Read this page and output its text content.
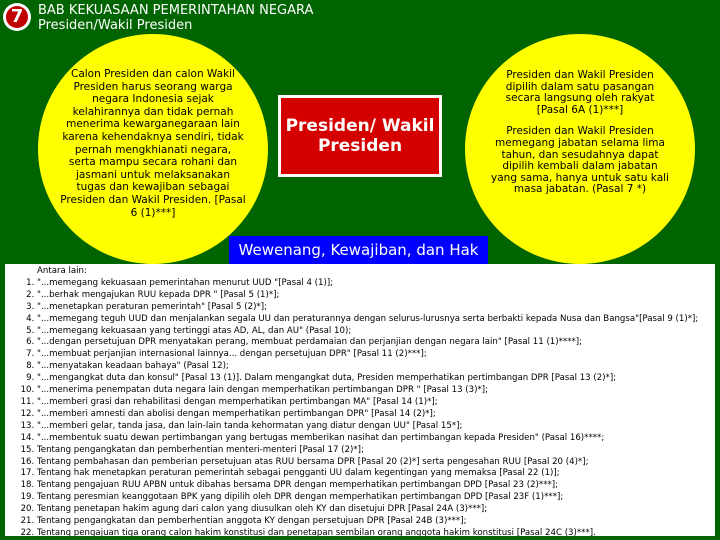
7	BAB KEKUASAAN PEMERINTAHAN NEGARA
Presiden/Wakil Presiden
Calon Presiden dan calon Wakil Presiden harus seorang warga negara Indonesia sejak kelahirannya dan tidak pernah menerima kewarganegaraan lain karena kehendaknya sendiri, tidak pernah mengkhianati negara, serta mampu secara rohani dan jasmani untuk melaksanakan tugas dan kewajiban sebagai Presiden dan Wakil Presiden. [Pasal 6 (1)***]

Presiden dan Wakil Presiden dipilih dalam satu pasangan secara langsung oleh rakyat [Pasal 6A (1)***]

Presiden dan Wakil Presiden memegang jabatan selama lima tahun, dan sesudahnya dapat dipilih kembali dalam jabatan yang sama, hanya untuk satu kali masa jabatan. (Pasal 7 *)

Presiden/ Wakil Presiden
Wewenang, Kewajiban, dan Hak
Antara lain:
1. "...memegang kekuasaan pemerintahan menurut UUD "[Pasal 4 (1)];
2. "...berhak mengajukan RUU kepada DPR " [Pasal 5 (1)*];
3. "...menetapkan peraturan pemerintah" [Pasal 5 (2)*];
4. "...memegang teguh UUD dan menjalankan segala UU dan peraturannya dengan selurus-lurusnya serta berbakti kepada Nusa dan Bangsa"[Pasal 9 (1)*];
5. "...memegang kekuasaan yang tertinggi atas AD, AL, dan AU" (Pasal 10);
6. "...dengan persetujuan DPR menyatakan perang, membuat perdamaian dan perjanjian dengan negara lain" [Pasal 11 (1)****];
7. "...membuat perjanjian internasional lainnya... dengan persetujuan DPR" [Pasal 11 (2)***];
8. "...menyatakan keadaan bahaya" (Pasal 12);
9. "...mengangkat duta dan konsul" [Pasal 13 (1)]. Dalam mengangkat duta, Presiden memperhatikan pertimbangan DPR [Pasal 13 (2)*];
10. "...menerima penempatan duta negara lain dengan memperhatikan pertimbangan DPR " [Pasal 13 (3)*];
11. "...memberi grasi dan rehabilitasi dengan memperhatikan pertimbangan MA" [Pasal 14 (1)*];
12. "...memberi amnesti dan abolisi dengan memperhatikan pertimbangan DPR" [Pasal 14 (2)*];
13. "...memberi gelar, tanda jasa, dan lain-lain tanda kehormatan yang diatur dengan UU" [Pasal 15*];
14. "...membentuk suatu dewan pertimbangan yang bertugas memberikan nasihat dan pertimbangan kepada Presiden" (Pasal 16)****;
15. Tentang pengangkatan dan pemberhentian menteri-menteri [Pasal 17 (2)*];
16. Tentang pembahasan dan pemberian persetujuan atas RUU bersama DPR [Pasal 20 (2)*] serta pengesahan RUU [Pasal 20 (4)*];
17. Tentang hak menetapkan peraturan pemerintah sebagai pengganti UU dalam kegentingan yang memaksa [Pasal 22 (1)];
18. Tentang pengajuan RUU APBN untuk dibahas bersama DPR dengan memperhatikan pertimbangan DPD [Pasal 23 (2)***];
19. Tentang peresmian keanggotaan BPK yang dipilih oleh DPR dengan memperhatikan pertimbangan DPD [Pasal 23F (1)***];
20. Tentang penetapan hakim agung dari calon yang diusulkan oleh KY dan disetujui DPR [Pasal 24A (3)***];
21. Tentang pengangkatan dan pemberhentian anggota KY dengan persetujuan DPR [Pasal 24B (3)***];
22. Tentang pengajuan tiga orang calon hakim konstitusi dan penetapan sembilan orang anggota hakim konstitusi [Pasal 24C (3)***].
